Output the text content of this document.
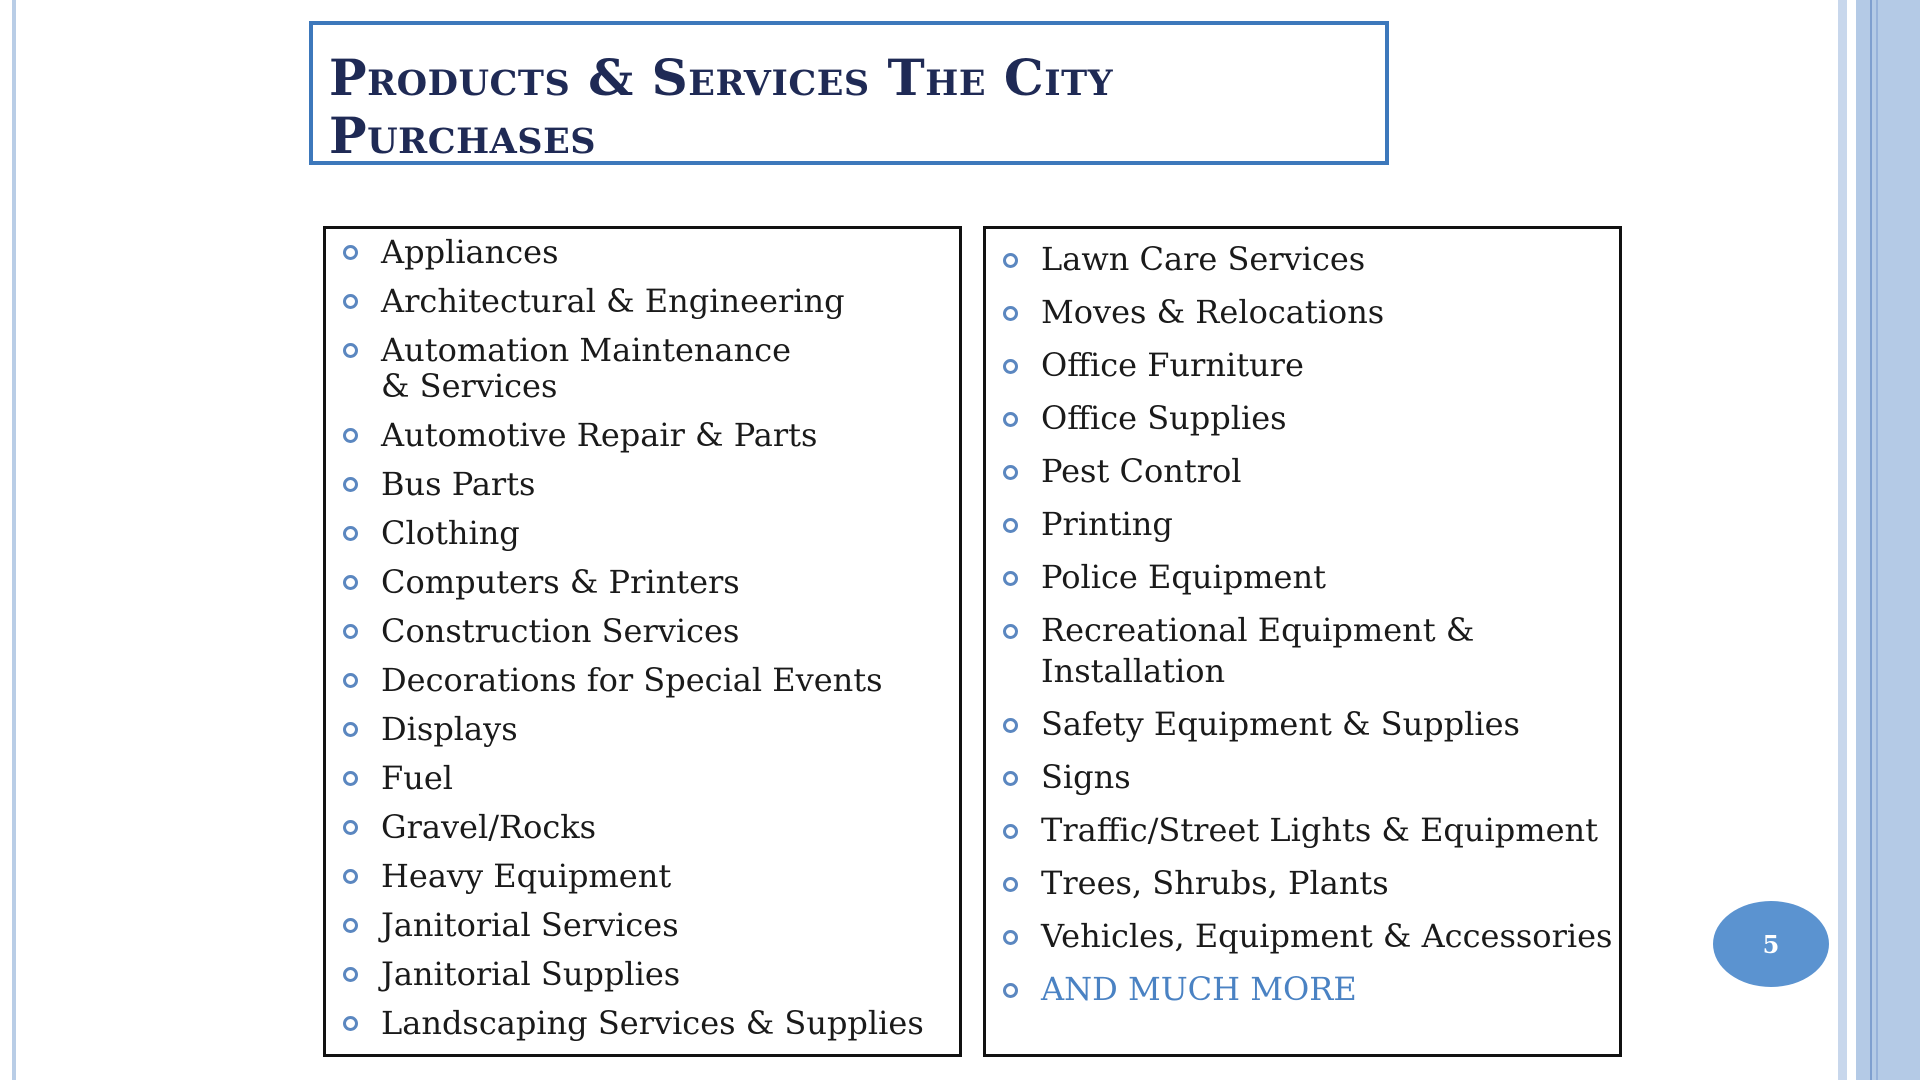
Products & Services The City Purchases
Appliances
Architectural & Engineering
Automation Maintenance & Services
Automotive Repair & Parts
Bus Parts
Clothing
Computers & Printers
Construction Services
Decorations for Special Events
Displays
Fuel
Gravel/Rocks
Heavy Equipment
Janitorial Services
Janitorial Supplies
Landscaping Services & Supplies
Lawn Care Services
Moves & Relocations
Office Furniture
Office Supplies
Pest Control
Printing
Police Equipment
Recreational Equipment & Installation
Safety Equipment & Supplies
Signs
Traffic/Street Lights & Equipment
Trees, Shrubs, Plants
Vehicles, Equipment & Accessories
AND MUCH MORE
5
